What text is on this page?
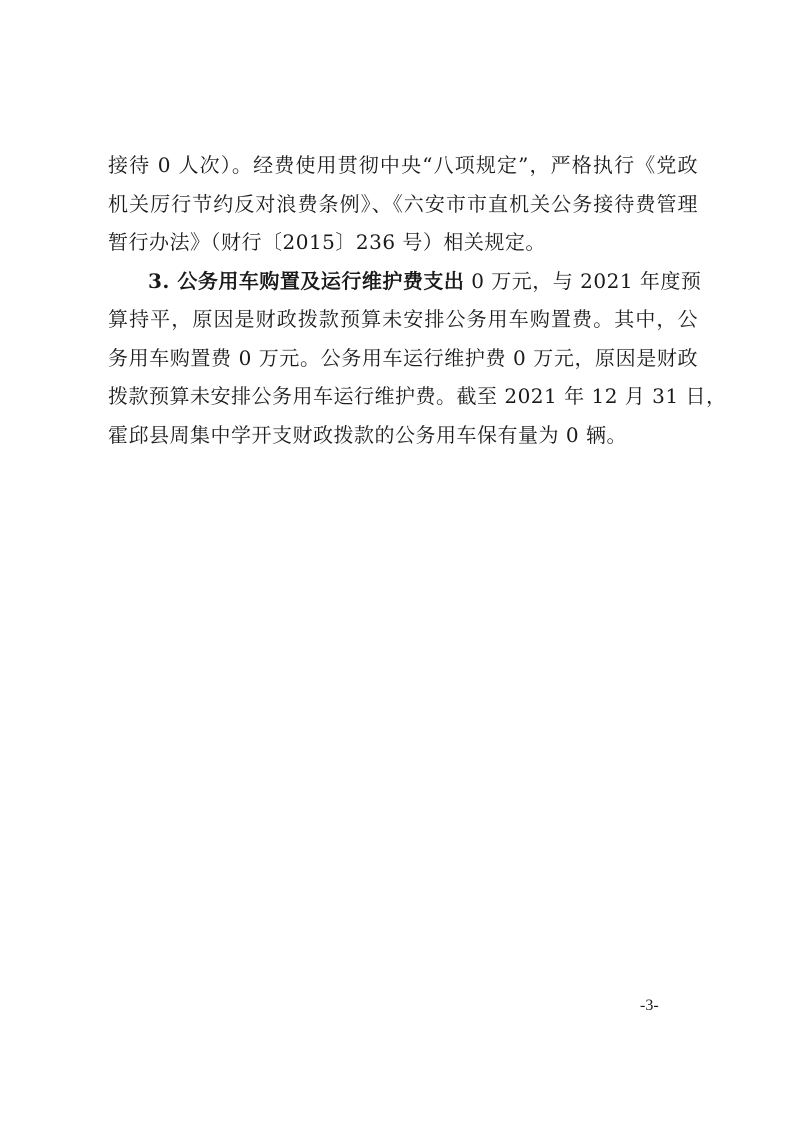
接待 0 人次）。经费使用贯彻中央“八项规定”，严格执行《党政
机关厉行节约反对浪费条例》、《六安市市直机关公务接待费管理
暂行办法》（财行〔2015〕236 号）相关规定。
3. 公务用车购置及运行维护费支出 0 万元，与 2021 年度预
算持平，原因是财政拨款预算未安排公务用车购置费。其中，公
务用车购置费 0 万元。公务用车运行维护费 0 万元，原因是财政
拨款预算未安排公务用车运行维护费。截至 2021 年 12 月 31 日，
霍邱县周集中学开支财政拨款的公务用车保有量为 0 辆。
-3-
